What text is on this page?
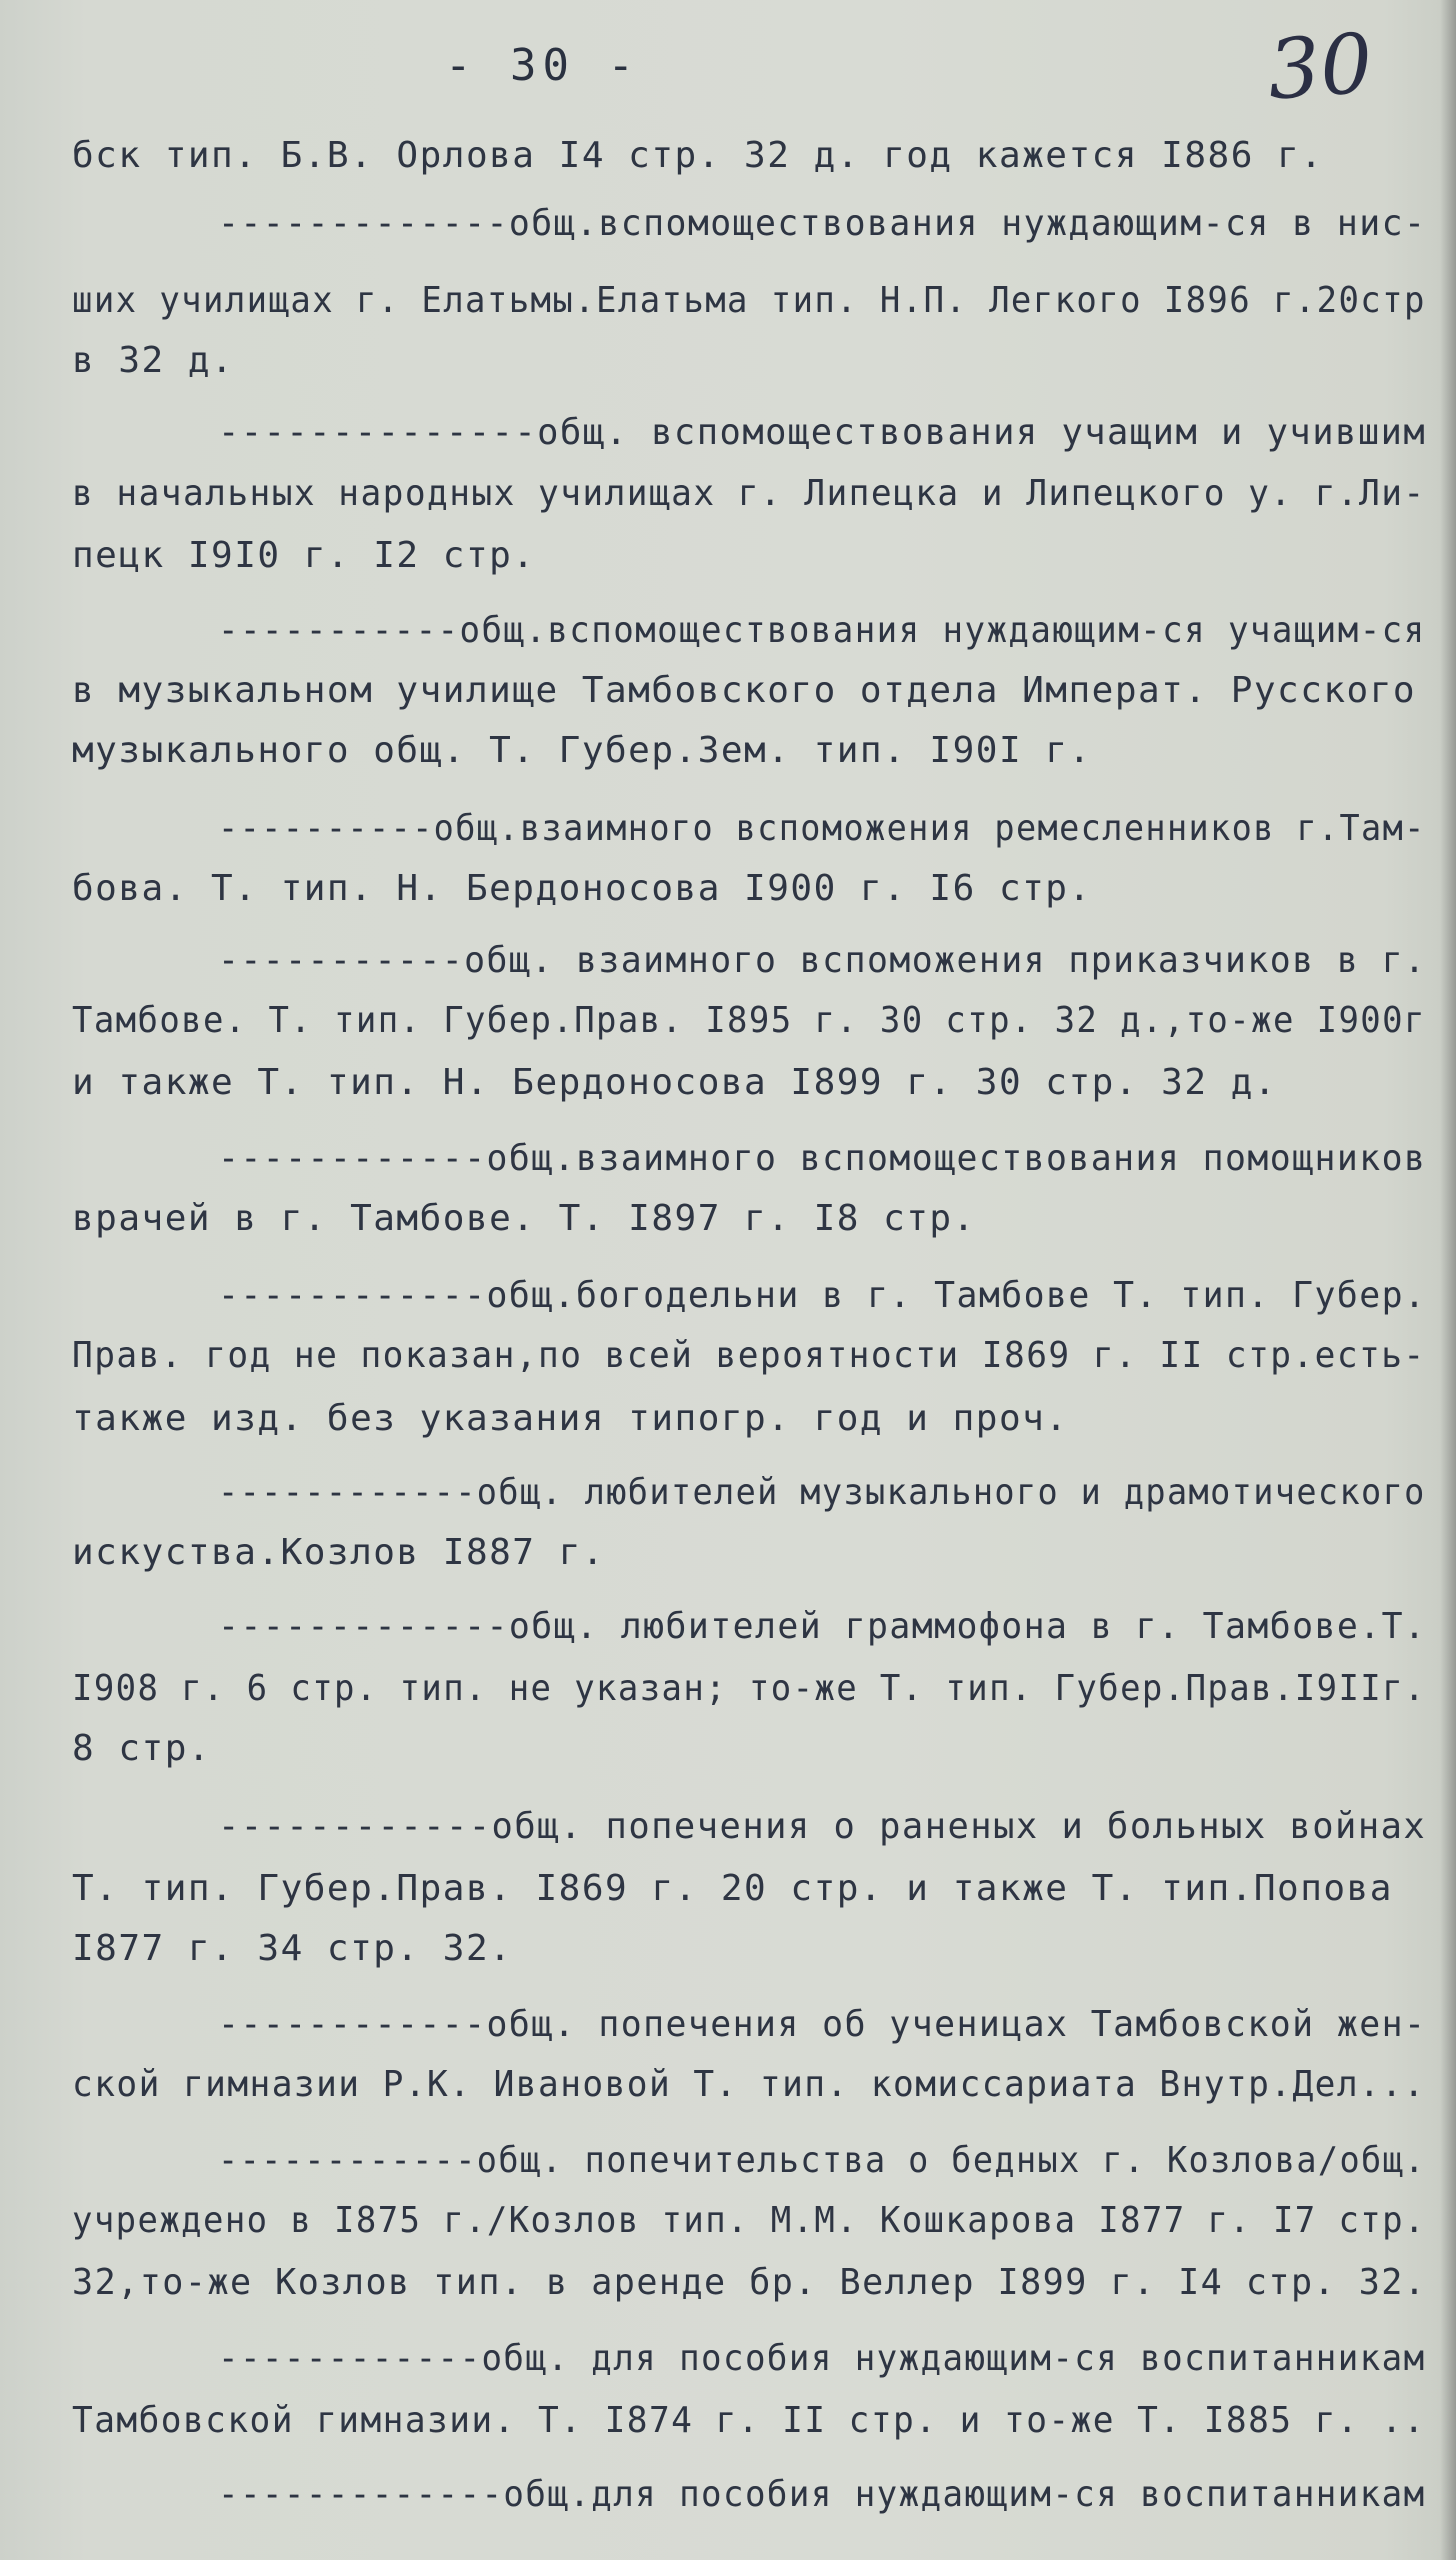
- 30 -	30
бск тип. Б.В. Орлова I4 стр. 32 д. год кажется I886 г.
-------------общ.вспомоществования нуждающим-ся в нис-
ших училищах г. Елатьмы.Елатьма тип. Н.П. Легкого I896 г.20стр
в 32 д.
--------------общ. вспомоществования учащим и учившим
в начальных народных училищах г. Липецка и Липецкого у. г.Ли-
пецк I9I0 г. I2 стр.
-----------общ.вспомоществования нуждающим-ся учащим-ся
в музыкальном училище Тамбовского отдела Императ. Русского
музыкального общ. Т. Губер.Зем. тип. I90I г.
----------общ.взаимного вспоможения ремесленников г.Там-
бова. Т. тип. Н. Бердоносова I900 г. I6 стр.
-----------общ. взаимного вспоможения приказчиков в г.
Тамбове. Т. тип. Губер.Прав. I895 г. 30 стр. 32 д.,то-же I900г
и также Т. тип. Н. Бердоносова I899 г. 30 стр. 32 д.
------------общ.взаимного вспомоществования помощников
врачей в г. Тамбове. Т. I897 г. I8 стр.
------------общ.богодельни в г. Тамбове Т. тип. Губер.
Прав. год не показан,по всей вероятности I869 г. II стр.есть-
также изд. без указания типогр. год и проч.
------------общ. любителей музыкального и драмотического
искуства.Козлов I887 г.
-------------общ. любителей граммофона в г. Тамбове.Т.
I908 г. 6 стр. тип. не указан; то-же Т. тип. Губер.Прав.I9IIг.
8 стр.
------------общ. попечения о раненых и больных войнах
Т. тип. Губер.Прав. I869 г. 20 стр. и также Т. тип.Попова
I877 г. 34 стр. 32.
------------общ. попечения об ученицах Тамбовской жен-
ской гимназии Р.К. Ивановой Т. тип. комиссариата Внутр.Дел...
------------общ. попечительства о бедных г. Козлова/общ.
учреждено в I875 г./Козлов тип. М.М. Кошкарова I877 г. I7 стр.
32,то-же Козлов тип. в аренде бр. Веллер I899 г. I4 стр. 32.
------------общ. для пособия нуждающим-ся воспитанникам
Тамбовской гимназии. Т. I874 г. II стр. и то-же Т. I885 г. ..
-------------общ.для пособия нуждающим-ся воспитанникам
